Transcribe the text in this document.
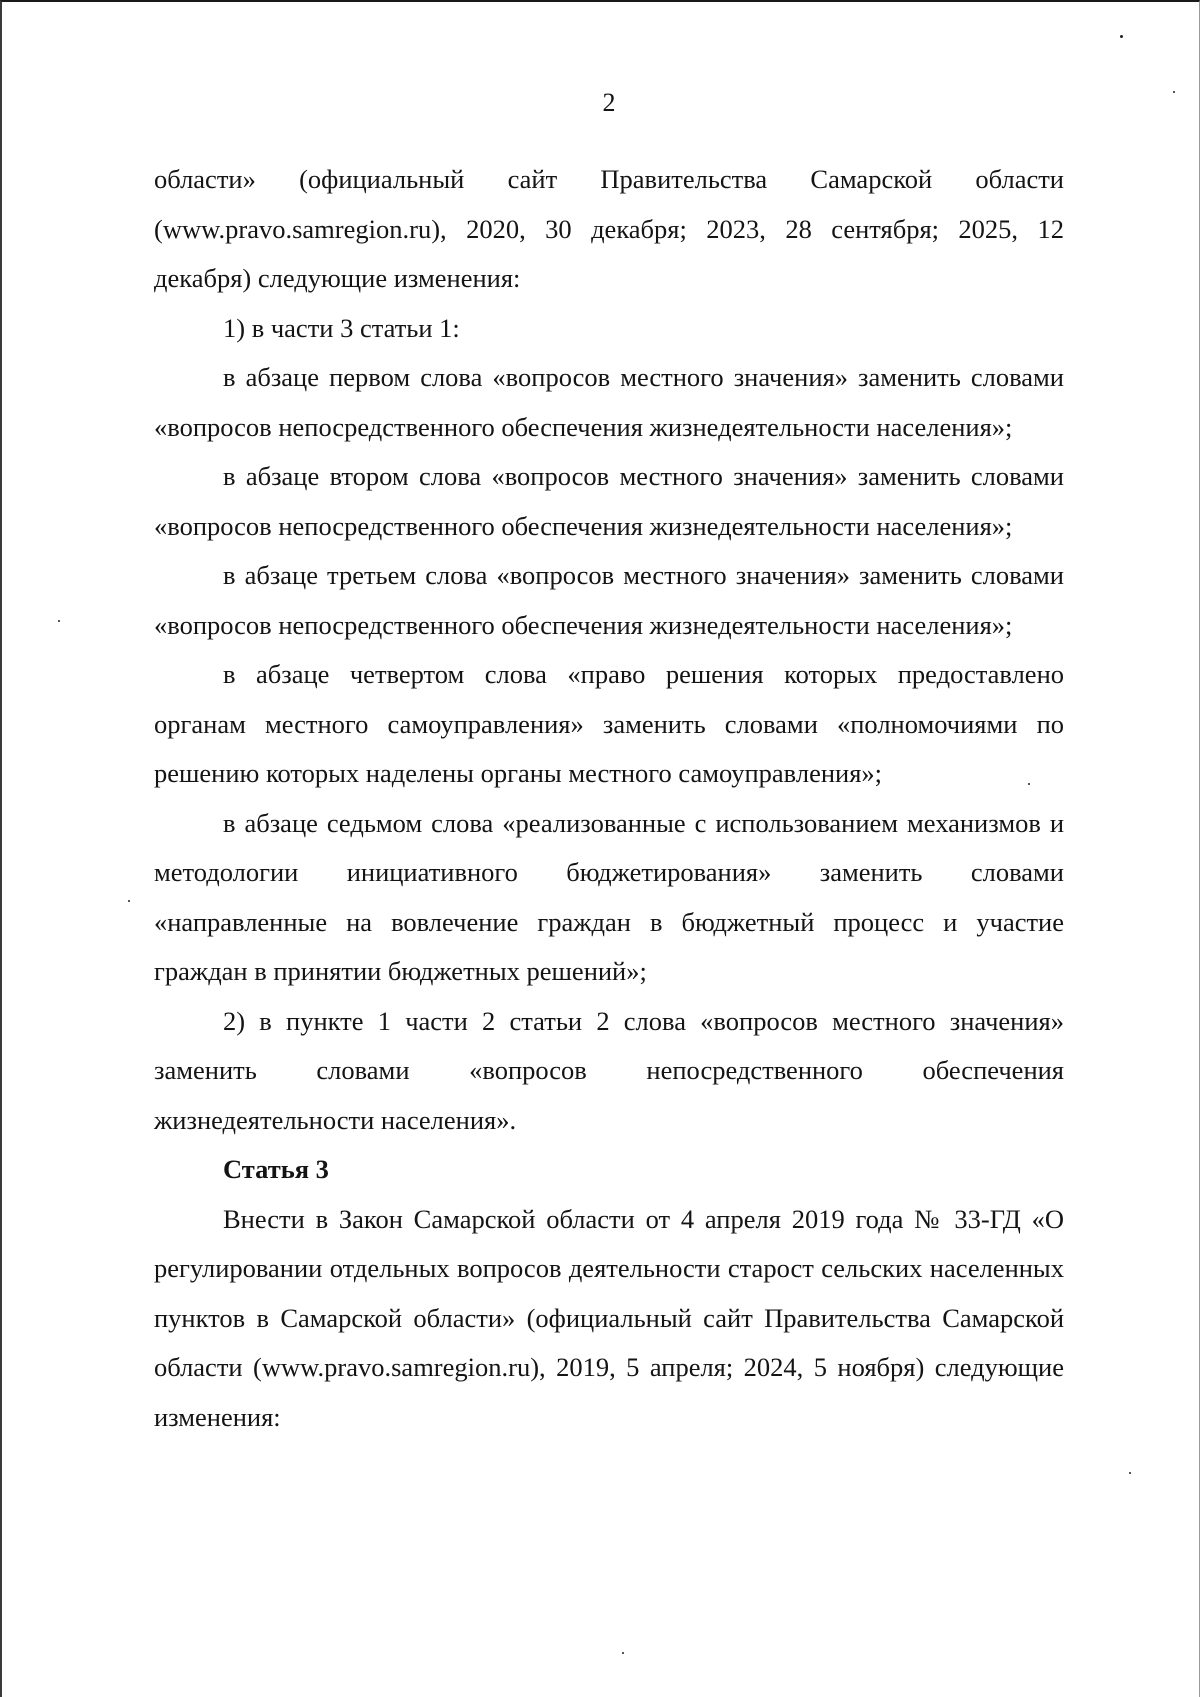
2

области» (официальный сайт Правительства Самарской области (www.pravo.samregion.ru), 2020, 30 декабря; 2023, 28 сентября; 2025, 12 декабря) следующие изменения:

1) в части 3 статьи 1:

в абзаце первом слова «вопросов местного значения» заменить словами «вопросов непосредственного обеспечения жизнедеятельности населения»;

в абзаце втором слова «вопросов местного значения» заменить словами «вопросов непосредственного обеспечения жизнедеятельности населения»;

в абзаце третьем слова «вопросов местного значения» заменить словами «вопросов непосредственного обеспечения жизнедеятельности населения»;

в абзаце четвертом слова «право решения которых предоставлено органам местного самоуправления» заменить словами «полномочиями по решению которых наделены органы местного самоуправления»;

в абзаце седьмом слова «реализованные с использованием механизмов и методологии инициативного бюджетирования» заменить словами «направленные на вовлечение граждан в бюджетный процесс и участие граждан в принятии бюджетных решений»;

2) в пункте 1 части 2 статьи 2 слова «вопросов местного значения» заменить словами «вопросов непосредственного обеспечения жизнедеятельности населения».

Статья 3

Внести в Закон Самарской области от 4 апреля 2019 года № 33-ГД «О регулировании отдельных вопросов деятельности старост сельских населенных пунктов в Самарской области» (официальный сайт Правительства Самарской области (www.pravo.samregion.ru), 2019, 5 апреля; 2024, 5 ноября) следующие изменения:
